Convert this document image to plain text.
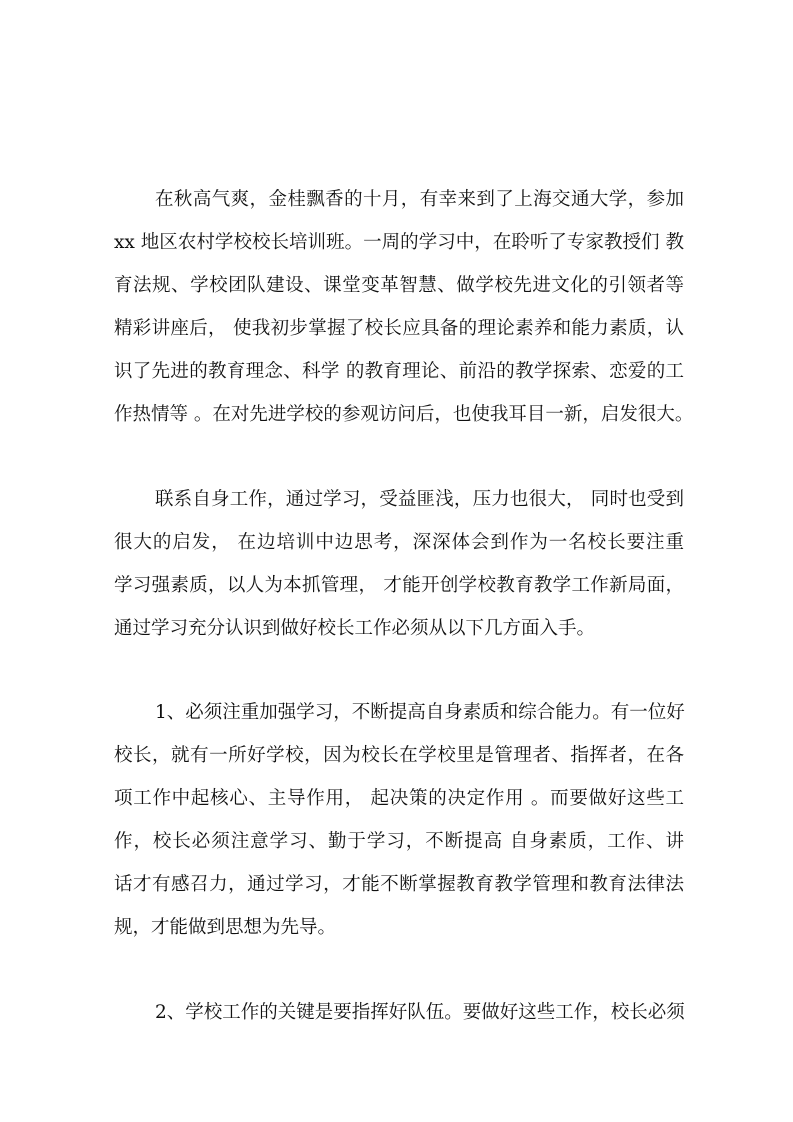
在秋高气爽，金桂飘香的十月，有幸来到了上海交通大学，参加
xx 地区农村学校校长培训班。一周的学习中，在聆听了专家教授们 教
育法规、学校团队建设、课堂变革智慧、做学校先进文化的引领者等
精彩讲座后， 使我初步掌握了校长应具备的理论素养和能力素质，认
识了先进的教育理念、科学 的教育理论、前沿的教学探索、恋爱的工
作热情等 。在对先进学校的参观访问后，也使我耳目一新，启发很大。
联系自身工作，通过学习，受益匪浅，压力也很大， 同时也受到
很大的启发， 在边培训中边思考，深深体会到作为一名校长要注重
学习强素质，以人为本抓管理， 才能开创学校教育教学工作新局面，
通过学习充分认识到做好校长工作必须从以下几方面入手。
1、必须注重加强学习，不断提高自身素质和综合能力。有一位好
校长，就有一所好学校，因为校长在学校里是管理者、指挥者，在各
项工作中起核心、主导作用， 起决策的决定作用 。而要做好这些工
作，校长必须注意学习、勤于学习，不断提高 自身素质，工作、讲
话才有感召力，通过学习，才能不断掌握教育教学管理和教育法律法
规，才能做到思想为先导。
2、学校工作的关键是要指挥好队伍。要做好这些工作，校长必须
